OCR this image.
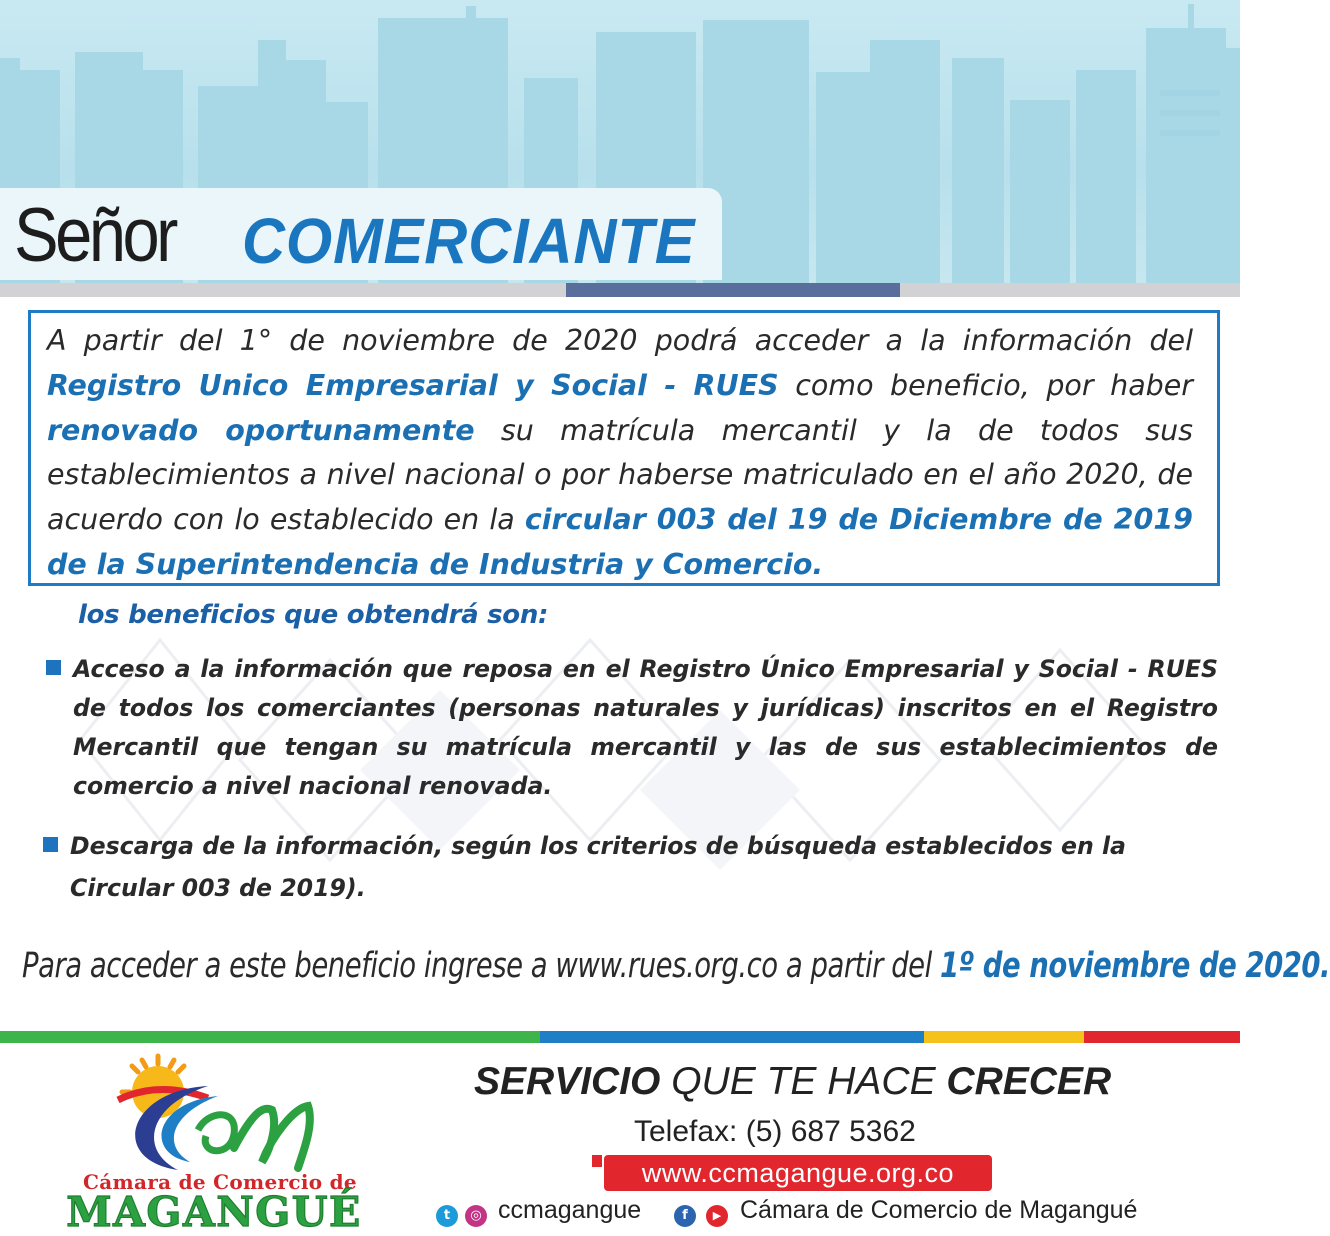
Señor COMERCIANTE

A partir del 1° de noviembre de 2020 podrá acceder a la información del Registro Unico Empresarial y Social - RUES como beneficio, por haber renovado oportunamente su matrícula mercantil y la de todos sus establecimientos a nivel nacional o por haberse matriculado en el año 2020, de acuerdo con lo establecido en la circular 003 del 19 de Diciembre de 2019 de la Superintendencia de Industria y Comercio.

los beneficios que obtendrá son:

Acceso a la información que reposa en el Registro Único Empresarial y Social - RUES de todos los comerciantes (personas naturales y jurídicas) inscritos en el Registro Mercantil que tengan su matrícula mercantil y las de sus establecimientos de comercio a nivel nacional renovada.

Descarga de la información, según los criterios de búsqueda establecidos en la Circular 003 de 2019).

Para acceder a este beneficio ingrese a www.rues.org.co a partir del 1º de noviembre de 2020.

Cámara de Comercio de

MAGANGUÉ

SERVICIO QUE TE HACE CRECER
Telefax: (5) 687 5362

www.ccmagangue.org.co

t	◎ ccmagangue	f	▶ Cámara de Comercio de Magangué
